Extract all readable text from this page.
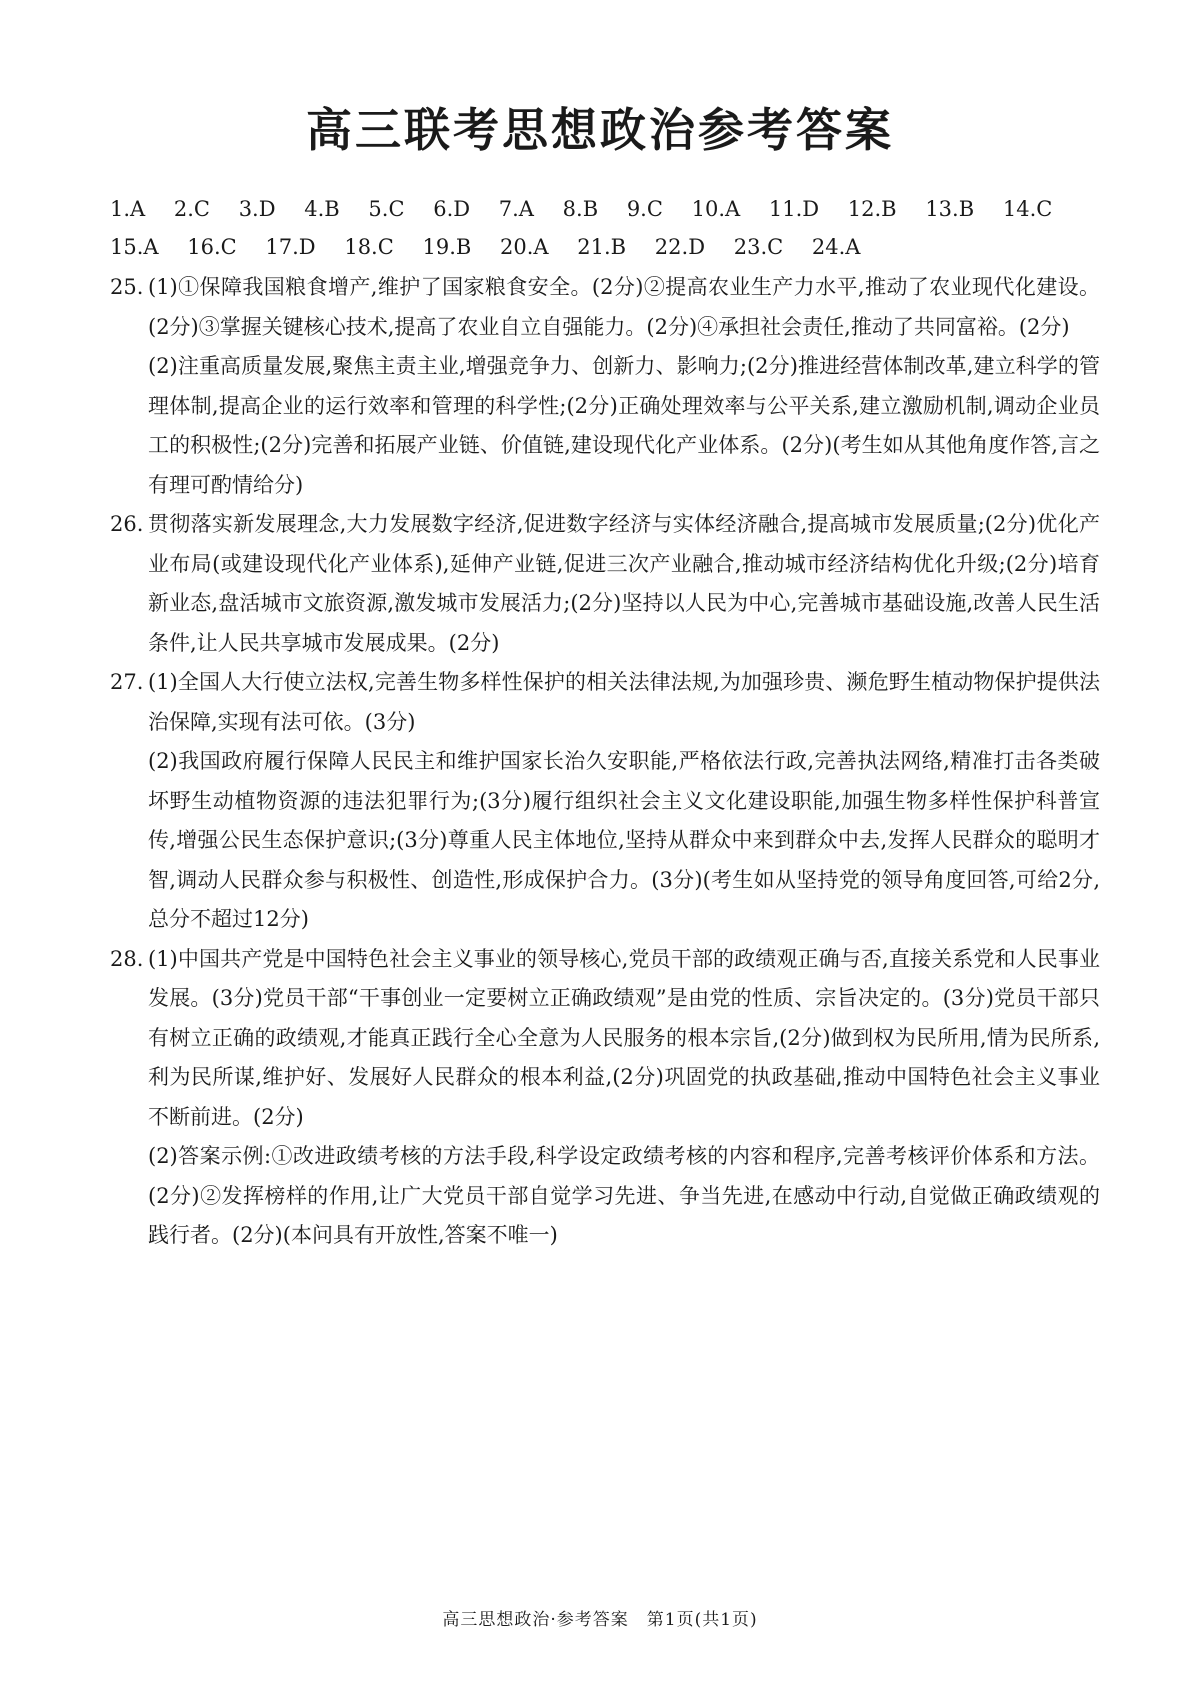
高三联考思想政治参考答案
1.A 2.C 3.D 4.B 5.C 6.D 7.A 8.B 9.C 10.A 11.D 12.B 13.B 14.C
15.A 16.C 17.D 18.C 19.B 20.A 21.B 22.D 23.C 24.A
25. (1)①保障我国粮食增产,维护了国家粮食安全。(2分)②提高农业生产力水平,推动了农业现代化建设。(2分)③掌握关键核心技术,提高了农业自立自强能力。(2分)④承担社会责任,推动了共同富裕。(2分)

(2)注重高质量发展,聚焦主责主业,增强竞争力、创新力、影响力;(2分)推进经营体制改革,建立科学的管理体制,提高企业的运行效率和管理的科学性;(2分)正确处理效率与公平关系,建立激励机制,调动企业员工的积极性;(2分)完善和拓展产业链、价值链,建设现代化产业体系。(2分)(考生如从其他角度作答,言之有理可酌情给分)

26. 贯彻落实新发展理念,大力发展数字经济,促进数字经济与实体经济融合,提高城市发展质量;(2分)优化产业布局(或建设现代化产业体系),延伸产业链,促进三次产业融合,推动城市经济结构优化升级;(2分)培育新业态,盘活城市文旅资源,激发城市发展活力;(2分)坚持以人民为中心,完善城市基础设施,改善人民生活条件,让人民共享城市发展成果。(2分)

27. (1)全国人大行使立法权,完善生物多样性保护的相关法律法规,为加强珍贵、濒危野生植动物保护提供法治保障,实现有法可依。(3分)

(2)我国政府履行保障人民民主和维护国家长治久安职能,严格依法行政,完善执法网络,精准打击各类破坏野生动植物资源的违法犯罪行为;(3分)履行组织社会主义文化建设职能,加强生物多样性保护科普宣传,增强公民生态保护意识;(3分)尊重人民主体地位,坚持从群众中来到群众中去,发挥人民群众的聪明才智,调动人民群众参与积极性、创造性,形成保护合力。(3分)(考生如从坚持党的领导角度回答,可给2分,总分不超过12分)

28. (1)中国共产党是中国特色社会主义事业的领导核心,党员干部的政绩观正确与否,直接关系党和人民事业发展。(3分)党员干部“干事创业一定要树立正确政绩观”是由党的性质、宗旨决定的。(3分)党员干部只有树立正确的政绩观,才能真正践行全心全意为人民服务的根本宗旨,(2分)做到权为民所用,情为民所系,利为民所谋,维护好、发展好人民群众的根本利益,(2分)巩固党的执政基础,推动中国特色社会主义事业不断前进。(2分)

(2)答案示例:①改进政绩考核的方法手段,科学设定政绩考核的内容和程序,完善考核评价体系和方法。(2分)②发挥榜样的作用,让广大党员干部自觉学习先进、争当先进,在感动中行动,自觉做正确政绩观的践行者。(2分)(本问具有开放性,答案不唯一)

高三思想政治·参考答案　第1页(共1页)
